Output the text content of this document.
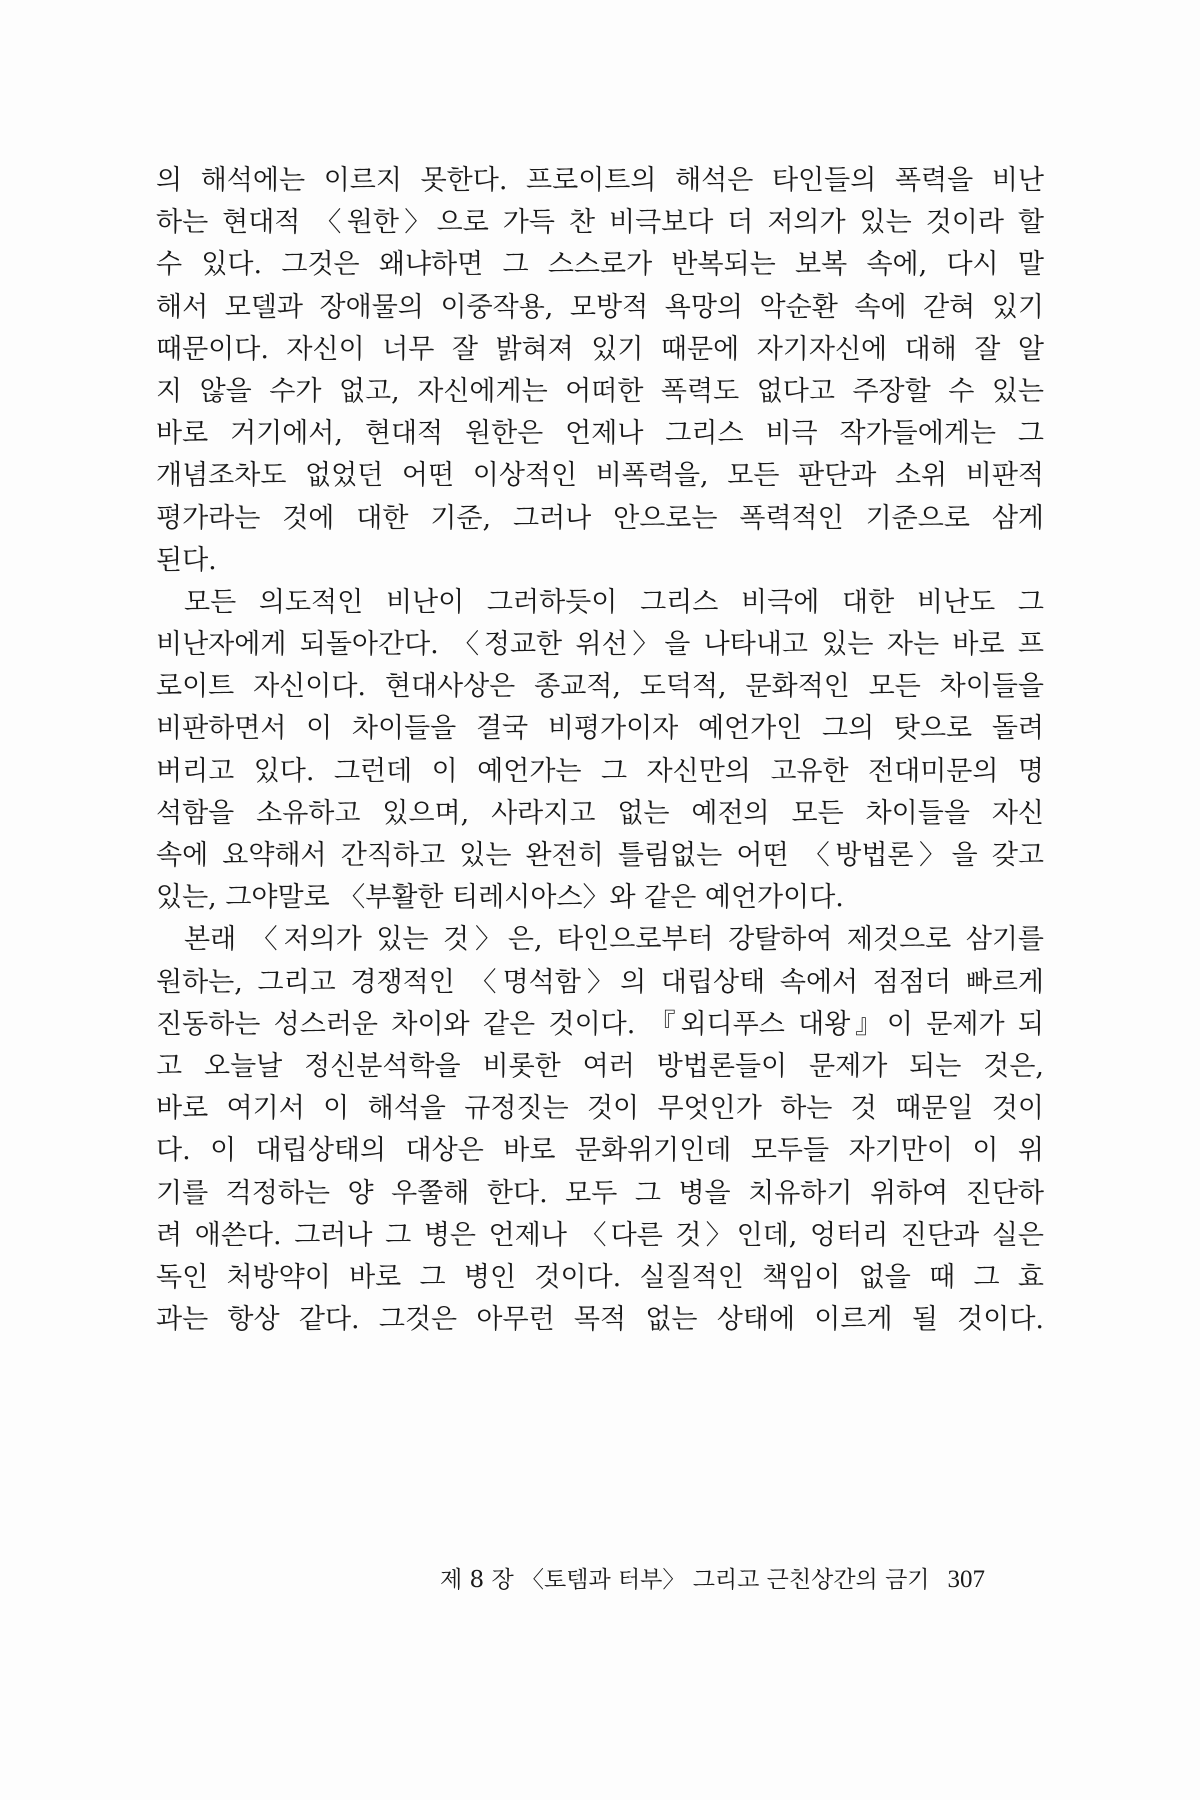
의 해석에는 이르지 못한다. 프로이트의 해석은 타인들의 폭력을 비난
하는 현대적 〈원한〉으로 가득 찬 비극보다 더 저의가 있는 것이라 할
수 있다. 그것은 왜냐하면 그 스스로가 반복되는 보복 속에, 다시 말
해서 모델과 장애물의 이중작용, 모방적 욕망의 악순환 속에 갇혀 있기
때문이다. 자신이 너무 잘 밝혀져 있기 때문에 자기자신에 대해 잘 알
지 않을 수가 없고, 자신에게는 어떠한 폭력도 없다고 주장할 수 있는
바로 거기에서, 현대적 원한은 언제나 그리스 비극 작가들에게는 그
개념조차도 없었던 어떤 이상적인 비폭력을, 모든 판단과 소위 비판적
평가라는 것에 대한 기준, 그러나 안으로는 폭력적인 기준으로 삼게
된다.
모든 의도적인 비난이 그러하듯이 그리스 비극에 대한 비난도 그
비난자에게 되돌아간다. 〈정교한 위선〉을 나타내고 있는 자는 바로 프
로이트 자신이다. 현대사상은 종교적, 도덕적, 문화적인 모든 차이들을
비판하면서 이 차이들을 결국 비평가이자 예언가인 그의 탓으로 돌려
버리고 있다. 그런데 이 예언가는 그 자신만의 고유한 전대미문의 명
석함을 소유하고 있으며, 사라지고 없는 예전의 모든 차이들을 자신
속에 요약해서 간직하고 있는 완전히 틀림없는 어떤 〈방법론〉을 갖고
있는, 그야말로 〈부활한 티레시아스〉와 같은 예언가이다.
본래 〈저의가 있는 것〉은, 타인으로부터 강탈하여 제것으로 삼기를
원하는, 그리고 경쟁적인 〈명석함〉의 대립상태 속에서 점점더 빠르게
진동하는 성스러운 차이와 같은 것이다. 『외디푸스 대왕』이 문제가 되
고 오늘날 정신분석학을 비롯한 여러 방법론들이 문제가 되는 것은,
바로 여기서 이 해석을 규정짓는 것이 무엇인가 하는 것 때문일 것이
다. 이 대립상태의 대상은 바로 문화위기인데 모두들 자기만이 이 위
기를 걱정하는 양 우쭐해 한다. 모두 그 병을 치유하기 위하여 진단하
려 애쓴다. 그러나 그 병은 언제나 〈다른 것〉인데, 엉터리 진단과 실은
독인 처방약이 바로 그 병인 것이다. 실질적인 책임이 없을 때 그 효
과는 항상 같다. 그것은 아무런 목적 없는 상태에 이르게 될 것이다.
제 8 장 〈토템과 터부〉 그리고 근친상간의 금기 307
